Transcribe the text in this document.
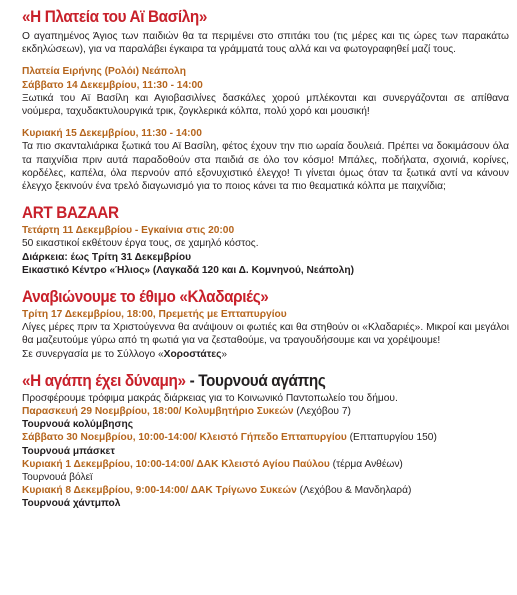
«Η Πλατεία του Αϊ Βασίλη»
Ο αγαπημένος Άγιος των παιδιών θα τα περιμένει στο σπιτάκι του (τις μέρες και τις ώρες των παρακάτω εκδηλώσεων), για να παραλάβει έγκαιρα τα γράμματά τους αλλά και να φωτογραφηθεί μαζί τους.
Πλατεία Ειρήνης (Ρολόι) Νεάπολη
Σάββατο 14 Δεκεμβρίου, 11:30 - 14:00
Ξωτικά του Αϊ Βασίλη και Αγιοβασιλίνες δασκάλες χορού μπλέκονται και συνεργάζονται σε απίθανα νούμερα, ταχυδακτυλουργικά τρικ, ζογκλερικά κόλπα, πολύ χορό και μουσική!
Κυριακή 15 Δεκεμβρίου, 11:30 - 14:00
Τα πιο σκανταλιάρικα ξωτικά του Αϊ Βασίλη, φέτος έχουν την πιο ωραία δουλειά. Πρέπει να δοκιμάσουν όλα τα παιχνίδια πριν αυτά παραδοθούν στα παιδιά σε όλο τον κόσμο! Μπάλες, ποδήλατα, σχοινιά, κορίνες, κορδέλες, καπέλα, όλα περνούν από εξονυχιστικό έλεγχο! Τι γίνεται όμως όταν τα ξωτικά αντί να κάνουν έλεγχο ξεκινούν ένα τρελό διαγωνισμό για το ποιος κάνει τα πιο θεαματικά κόλπα με παιχνίδια;
ART BAZAAR
Τετάρτη 11 Δεκεμβρίου - Εγκαίνια στις 20:00
50 εικαστικοί εκθέτουν έργα τους, σε χαμηλό κόστος.
Διάρκεια: έως Τρίτη 31 Δεκεμβρίου
Εικαστικό Κέντρο «Ήλιος» (Λαγκαδά 120 και Δ. Κομνηνού, Νεάπολη)
Αναβιώνουμε το έθιμο «Κλαδαριές»
Τρίτη 17 Δεκεμβρίου, 18:00, Πρεμετής με Επταπυργίου
Λίγες μέρες πριν τα Χριστούγεννα θα ανάψουν οι φωτιές και θα στηθούν οι «Κλαδαριές». Μικροί και μεγάλοι θα μαζευτούμε γύρω από τη φωτιά για να ζεσταθούμε, να τραγουδήσουμε και να χορέψουμε!
Σε συνεργασία με το Σύλλογο «Χοροστάτες»
«Η αγάπη έχει δύναμη» - Τουρνουά αγάπης
Προσφέρουμε τρόφιμα μακράς διάρκειας για το Κοινωνικό Παντοπωλείο του δήμου.
Παρασκευή 29 Νοεμβρίου, 18:00/ Κολυμβητήριο Συκεών (Λεχόβου 7)
Τουρνουά κολύμβησης
Σάββατο 30 Νοεμβρίου, 10:00-14:00/ Κλειστό Γήπεδο Επταπυργίου (Επταπυργίου 150)
Τουρνουά μπάσκετ
Κυριακή 1 Δεκεμβρίου, 10:00-14:00/ ΔΑΚ Κλειστό Αγίου Παύλου (τέρμα Ανθέων)
Τουρνουά βόλεϊ
Κυριακή 8 Δεκεμβρίου, 9:00-14:00/ ΔΑΚ Τρίγωνο Συκεών (Λεχόβου & Μανδηλαρά)
Τουρνουά χάντμπολ
